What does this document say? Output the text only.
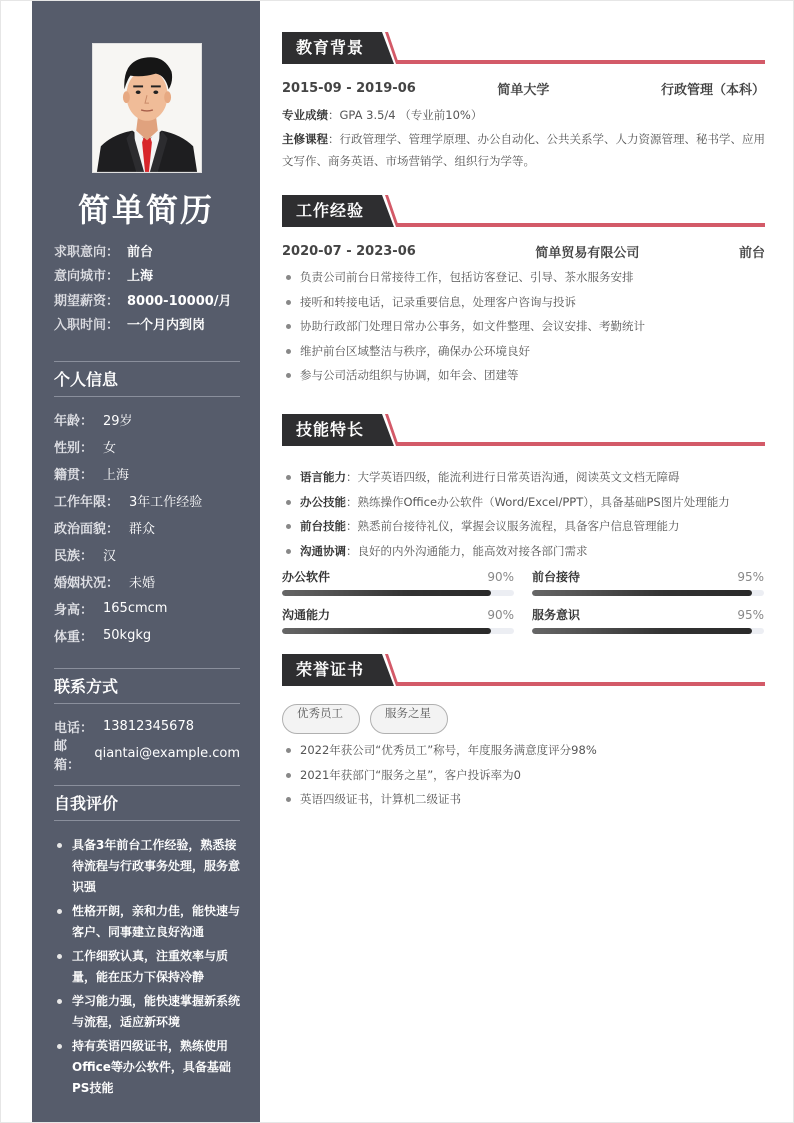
简单简历
求职意向： 前台
意向城市： 上海
期望薪资： 8000-10000/月
入职时间： 一个月内到岗
个人信息
年龄： 29岁
性别： 女
籍贯： 上海
工作年限： 3年工作经验
政治面貌： 群众
民族： 汉
婚姻状况： 未婚
身高： 165cmcm
体重： 50kgkg
联系方式
电话： 13812345678
邮箱：
qiantai@example.com
自我评价
具备3年前台工作经验，熟悉接待流程与行政事务处理，服务意识强
性格开朗，亲和力佳，能快速与客户、同事建立良好沟通
工作细致认真，注重效率与质量，能在压力下保持冷静
学习能力强，能快速掌握新系统与流程，适应新环境
持有英语四级证书，熟练使用Office等办公软件，具备基础PS技能
教育背景
2015-09 - 2019-06	简单大学	行政管理（本科）
专业成绩：GPA 3.5/4 （专业前10%）
主修课程：行政管理学、管理学原理、办公自动化、公共关系学、人力资源管理、秘书学、应用文写作、商务英语、市场营销学、组织行为学等。
工作经验
2020-07 - 2023-06	简单贸易有限公司	前台
负责公司前台日常接待工作，包括访客登记、引导、茶水服务安排
接听和转接电话，记录重要信息，处理客户咨询与投诉
协助行政部门处理日常办公事务，如文件整理、会议安排、考勤统计
维护前台区域整洁与秩序，确保办公环境良好
参与公司活动组织与协调，如年会、团建等
技能特长
语言能力：大学英语四级，能流利进行日常英语沟通，阅读英文文档无障碍
办公技能：熟练操作Office办公软件（Word/Excel/PPT），具备基础PS图片处理能力
前台技能：熟悉前台接待礼仪，掌握会议服务流程，具备客户信息管理能力
沟通协调：良好的内外沟通能力，能高效对接各部门需求
办公软件	90% 前台接待	95%
沟通能力	90% 服务意识	95%
荣誉证书
优秀员工	服务之星
2022年获公司“优秀员工”称号，年度服务满意度评分98%
2021年获部门“服务之星”，客户投诉率为0
英语四级证书，计算机二级证书
